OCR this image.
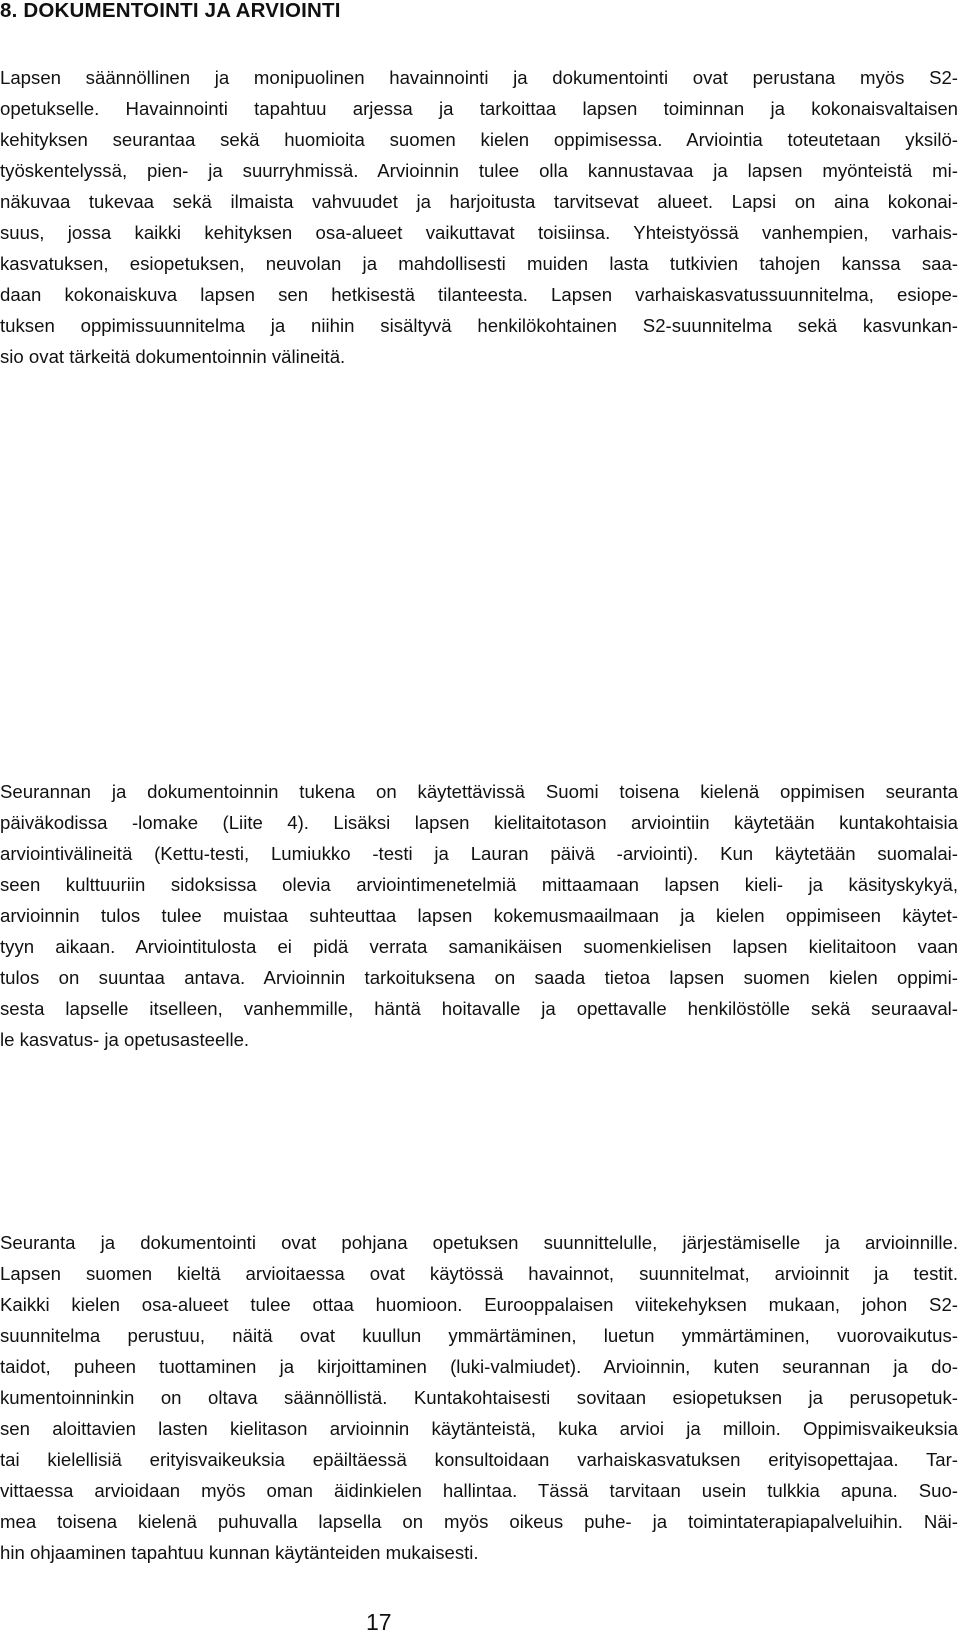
8. DOKUMENTOINTI JA ARVIOINTI
Lapsen säännöllinen ja monipuolinen havainnointi ja dokumentointi ovat perustana myös S2-
opetukselle. Havainnointi tapahtuu arjessa ja tarkoittaa lapsen toiminnan ja kokonaisvaltaisen
kehityksen seurantaa sekä huomioita suomen kielen oppimisessa. Arviointia toteutetaan yksilö-
työskentelyssä, pien- ja suurryhmissä. Arvioinnin tulee olla kannustavaa ja lapsen myönteistä mi-
näkuvaa tukevaa sekä ilmaista vahvuudet ja harjoitusta tarvitsevat alueet. Lapsi on aina kokonai-
suus, jossa kaikki kehityksen osa-alueet vaikuttavat toisiinsa. Yhteistyössä vanhempien, varhais-
kasvatuksen, esiopetuksen, neuvolan ja mahdollisesti muiden lasta tutkivien tahojen kanssa saa-
daan kokonaiskuva lapsen sen hetkisestä tilanteesta. Lapsen varhaiskasvatussuunnitelma, esiope-
tuksen oppimissuunnitelma ja niihin sisältyvä henkilökohtainen S2-suunnitelma sekä kasvunkan-
sio ovat tärkeitä dokumentoinnin välineitä.
Seurannan ja dokumentoinnin tukena on käytettävissä Suomi toisena kielenä oppimisen seuranta
päiväkodissa -lomake (Liite 4). Lisäksi lapsen kielitaitotason arviointiin käytetään kuntakohtaisia
arviointivälineitä (Kettu-testi, Lumiukko -testi ja Lauran päivä -arviointi). Kun käytetään suomalai-
seen kulttuuriin sidoksissa olevia arviointimenetelmiä mittaamaan lapsen kieli- ja käsityskykyä,
arvioinnin tulos tulee muistaa suhteuttaa lapsen kokemusmaailmaan ja kielen oppimiseen käytet-
tyyn aikaan. Arviointitulosta ei pidä verrata samanikäisen suomenkielisen lapsen kielitaitoon vaan
tulos on suuntaa antava. Arvioinnin tarkoituksena on saada tietoa lapsen suomen kielen oppimi-
sesta lapselle itselleen, vanhemmille, häntä hoitavalle ja opettavalle henkilöstölle sekä seuraaval-
le kasvatus- ja opetusasteelle.
Seuranta ja dokumentointi ovat pohjana opetuksen suunnittelulle, järjestämiselle ja arvioinnille.
Lapsen suomen kieltä arvioitaessa ovat käytössä havainnot, suunnitelmat, arvioinnit ja testit.
Kaikki kielen osa-alueet tulee ottaa huomioon. Eurooppalaisen viitekehyksen mukaan, johon S2-
suunnitelma perustuu, näitä ovat kuullun ymmärtäminen, luetun ymmärtäminen, vuorovaikutus-
taidot, puheen tuottaminen ja kirjoittaminen (luki-valmiudet). Arvioinnin, kuten seurannan ja do-
kumentoinninkin on oltava säännöllistä. Kuntakohtaisesti sovitaan esiopetuksen ja perusopetuk-
sen aloittavien lasten kielitason arvioinnin käytänteistä, kuka arvioi ja milloin. Oppimisvaikeuksia
tai kielellisiä erityisvaikeuksia epäiltäessä konsultoidaan varhaiskasvatuksen erityisopettajaa. Tar-
vittaessa arvioidaan myös oman äidinkielen hallintaa. Tässä tarvitaan usein tulkkia apuna. Suo-
mea toisena kielenä puhuvalla lapsella on myös oikeus puhe- ja toimintaterapiapalveluihin. Näi-
hin ohjaaminen tapahtuu kunnan käytänteiden mukaisesti.
17
